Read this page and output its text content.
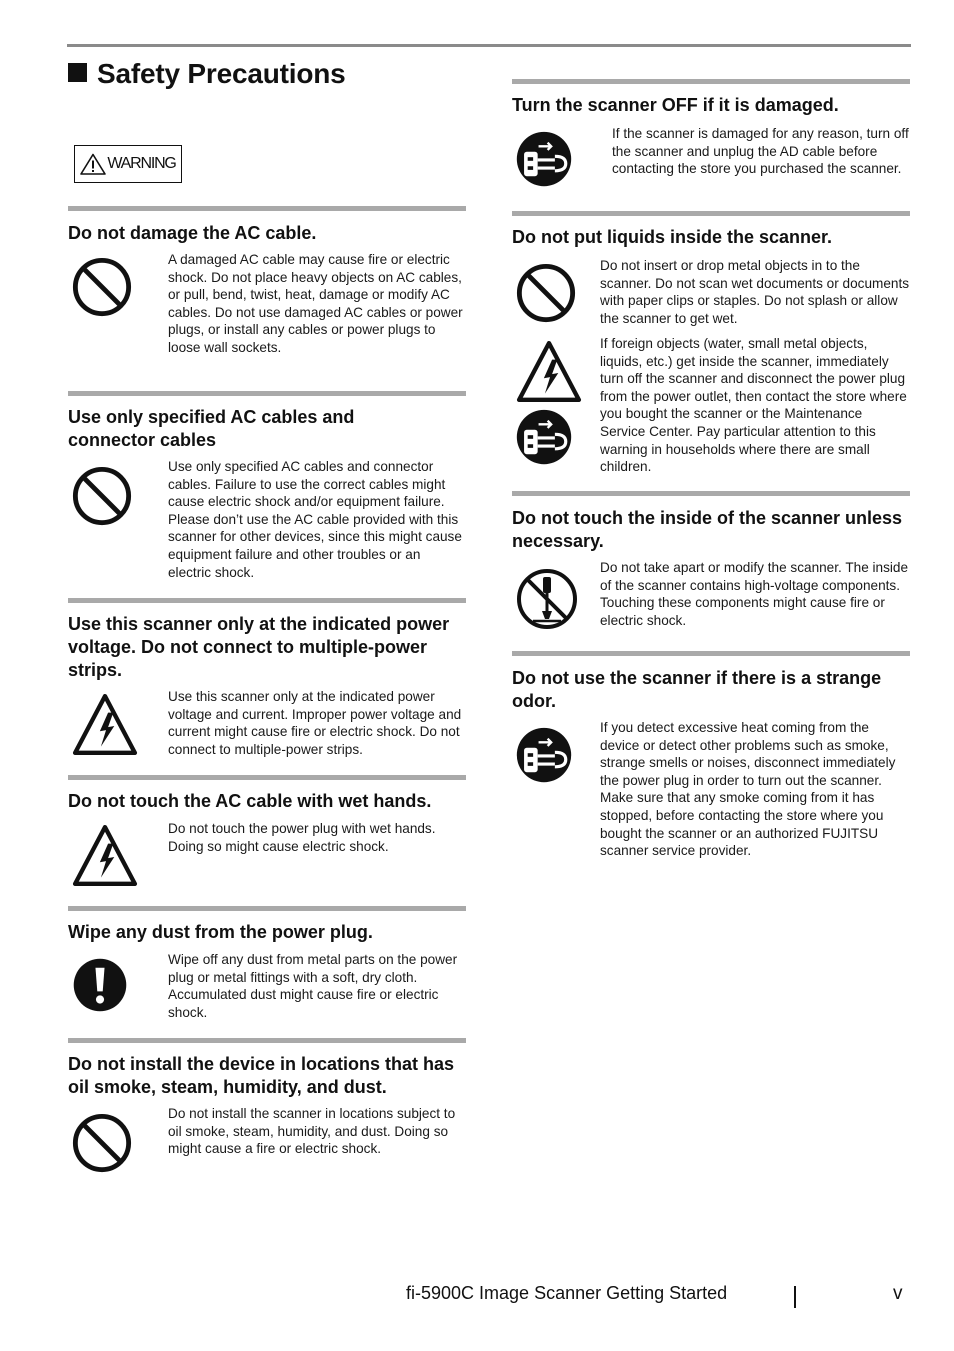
Safety Precautions
WARNING
Do not damage the AC cable.

A damaged AC cable may cause fire or electric shock. Do not place heavy objects on AC cables, or pull, bend, twist, heat, damage or modify AC cables. Do not use damaged AC cables or power plugs, or install any cables or power plugs to loose wall sockets.

Use only specified AC cables and connector cables

Use only specified AC cables and connector cables. Failure to use the correct cables might cause electric shock and/or equipment failure. Please don’t use the AC cable provided with this scanner for other devices, since this might cause equipment failure and other troubles or an electric shock.

Use this scanner only at the indicated power voltage. Do not connect to multiple-power strips.

Use this scanner only at the indicated power voltage and current. Improper power voltage and current might cause fire or electric shock. Do not connect to multiple-power strips.

Do not touch the AC cable with wet hands.

Do not touch the power plug with wet hands. Doing so might cause electric shock.

Wipe any dust from the power plug.

Wipe off any dust from metal parts on the power plug or metal fittings with a soft, dry cloth. Accumulated dust might cause fire or electric shock.

Do not install the device in locations that has oil smoke, steam, humidity, and dust.

Do not install the scanner in locations subject to oil smoke, steam, humidity, and dust. Doing so might cause a fire or electric shock.

Turn the scanner OFF if it is damaged.

If the scanner is damaged for any reason, turn off the scanner and unplug the AD cable before contacting the store you purchased the scanner.

Do not put liquids inside the scanner.

Do not insert or drop metal objects in to the scanner. Do not scan wet documents or documents with paper clips or staples. Do not splash or allow the scanner to get wet.

If foreign objects (water, small metal objects, liquids, etc.) get inside the scanner, immediately turn off the scanner and disconnect the power plug from the power outlet, then contact the store where you bought the scanner or the Maintenance Service Center. Pay particular attention to this warning in households where there are small children.

Do not touch the inside of the scanner unless necessary.

Do not take apart or modify the scanner. The inside of the scanner contains high-voltage components. Touching these components might cause fire or electric shock.

Do not use the scanner if there is a strange odor.

If you detect excessive heat coming from the device or detect other problems such as smoke, strange smells or noises, disconnect immediately the power plug in order to turn out the scanner. Make sure that any smoke coming from it has stopped, before contacting the store where you bought the scanner or an authorized FUJITSU scanner service provider.

fi-5900C Image Scanner Getting Started	v
